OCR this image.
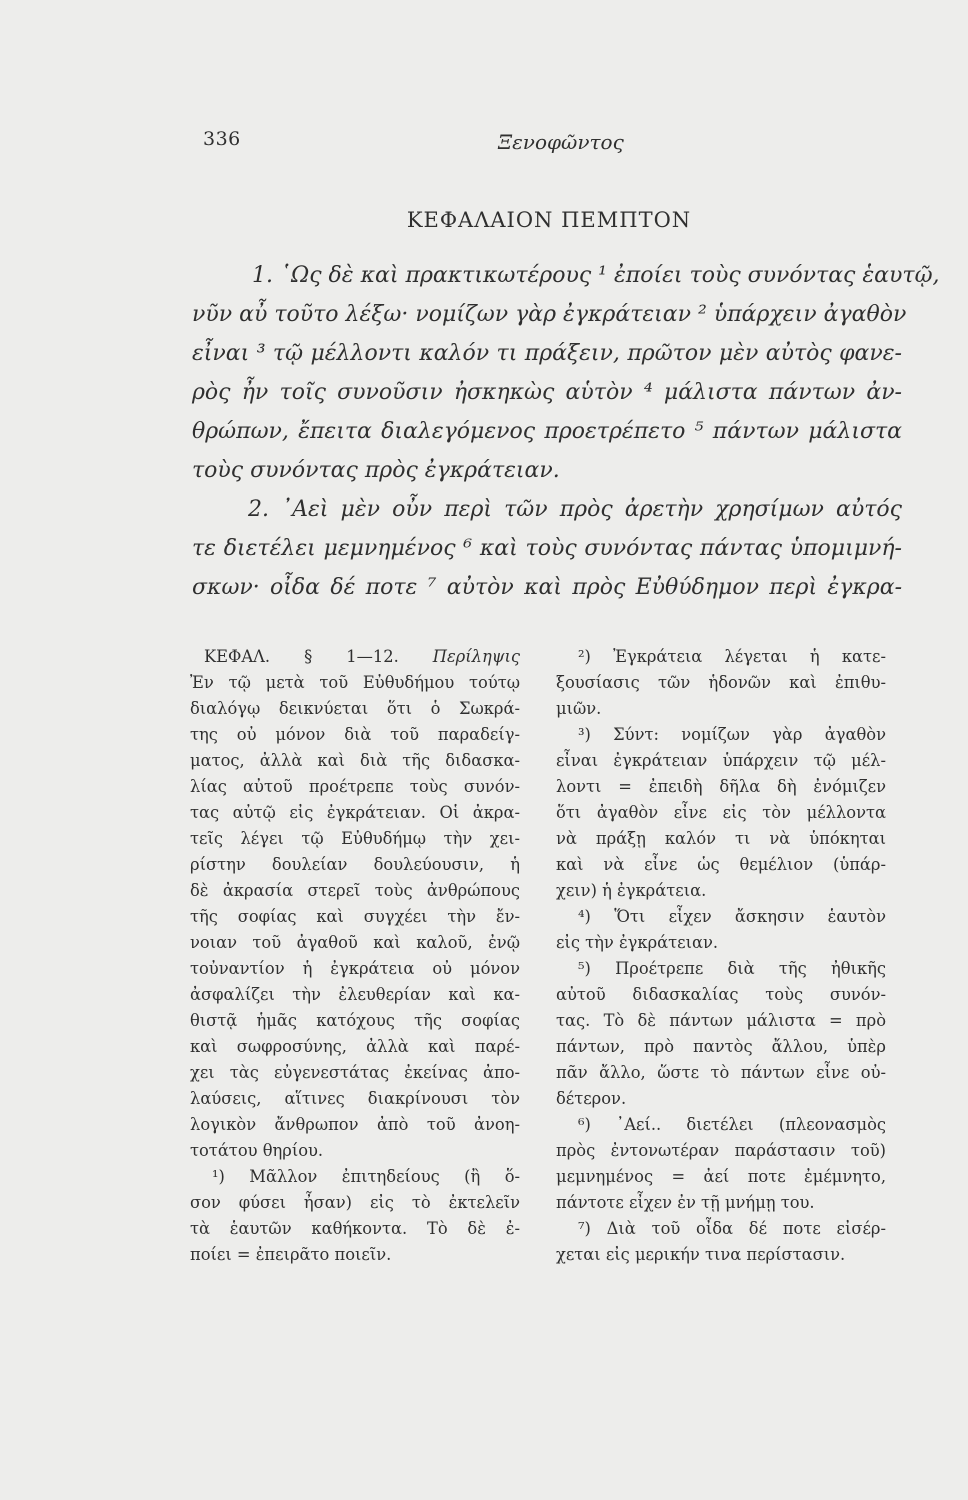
336	Ξενοφῶντος
ΚΕΦΑΛΑΙΟΝ ΠΕΜΠΤΟΝ
1. ῾Ως δὲ καὶ πρακτικωτέρους ¹ ἐποίει τοὺς συνόντας ἑαυτῷ,
νῦν αὖ τοῦτο λέξω· νομίζων γὰρ ἐγκράτειαν ² ὑπάρχειν ἀγαθὸν
εἶναι ³ τῷ μέλλοντι καλόν τι πράξειν, πρῶτον μὲν αὐτὸς φανε-
ρὸς ἦν τοῖς συνοῦσιν ἠσκηκὼς αὑτὸν ⁴ μάλιστα πάντων ἀν-
θρώπων, ἔπειτα διαλεγόμενος προετρέπετο ⁵ πάντων μάλιστα
τοὺς συνόντας πρὸς ἐγκράτειαν.
2. ᾿Αεὶ μὲν οὖν περὶ τῶν πρὸς ἀρετὴν χρησίμων αὐτός
τε διετέλει μεμνημένος ⁶ καὶ τοὺς συνόντας πάντας ὑπομιμνή-
σκων· οἶδα δέ ποτε ⁷ αὐτὸν καὶ πρὸς Εὐθύδημον περὶ ἐγκρα-
ΚΕΦΑΛ. § 1—12. Περίληψις
Ἐν τῷ μετὰ τοῦ Εὐθυδήμου τούτῳ
διαλόγῳ δεικνύεται ὅτι ὁ Σωκρά-
της οὐ μόνον διὰ τοῦ παραδείγ-
ματος, ἀλλὰ καὶ διὰ τῆς διδασκα-
λίας αὐτοῦ προέτρεπε τοὺς συνόν-
τας αὐτῷ εἰς ἐγκράτειαν. Οἱ ἀκρα-
τεῖς λέγει τῷ Εὐθυδήμῳ τὴν χει-
ρίστην δουλείαν δουλεύουσιν, ἡ
δὲ ἀκρασία στερεῖ τοὺς ἀνθρώπους
τῆς σοφίας καὶ συγχέει τὴν ἔν-
νοιαν τοῦ ἀγαθοῦ καὶ καλοῦ, ἐνῷ
τοὐναντίον ἡ ἐγκράτεια οὐ μόνον
ἀσφαλίζει τὴν ἐλευθερίαν καὶ κα-
θιστᾷ ἡμᾶς κατόχους τῆς σοφίας
καὶ σωφροσύνης, ἀλλὰ καὶ παρέ-
χει τὰς εὐγενεστάτας ἐκείνας ἀπο-
λαύσεις, αἵτινες διακρίνουσι τὸν
λογικὸν ἄνθρωπον ἀπὸ τοῦ ἀνοη-
τοτάτου θηρίου.
¹) Μᾶλλον ἐπιτηδείους (ἢ ὅ-
σον φύσει ἦσαν) εἰς τὸ ἐκτελεῖν
τὰ ἑαυτῶν καθήκοντα. Τὸ δὲ ἐ-
ποίει = ἐπειρᾶτο ποιεῖν.
²) Ἐγκράτεια λέγεται ἡ κατε-
ξουσίασις τῶν ἡδονῶν καὶ ἐπιθυ-
μιῶν.
³) Σύντ: νομίζων γὰρ ἀγαθὸν
εἶναι ἐγκράτειαν ὑπάρχειν τῷ μέλ-
λοντι = ἐπειδὴ δῆλα δὴ ἐνόμιζεν
ὅτι ἀγαθὸν εἶνε εἰς τὸν μέλλοντα
νὰ πράξῃ καλόν τι νὰ ὑπόκηται
καὶ νὰ εἶνε ὡς θεμέλιον (ὑπάρ-
χειν) ἡ ἐγκράτεια.
⁴) Ὅτι εἶχεν ἄσκησιν ἑαυτὸν
εἰς τὴν ἐγκράτειαν.
⁵) Προέτρεπε διὰ τῆς ἠθικῆς
αὐτοῦ διδασκαλίας τοὺς συνόν-
τας. Τὸ δὲ πάντων μάλιστα = πρὸ
πάντων, πρὸ παντὸς ἄλλου, ὑπὲρ
πᾶν ἄλλο, ὥστε τὸ πάντων εἶνε οὐ-
δέτερον.
⁶) ᾿Αεί.. διετέλει (πλεονασμὸς
πρὸς ἐντονωτέραν παράστασιν τοῦ)
μεμνημένος = ἀεί ποτε ἐμέμνητο,
πάντοτε εἶχεν ἐν τῇ μνήμῃ του.
⁷) Διὰ τοῦ οἶδα δέ ποτε εἰσέρ-
χεται εἰς μερικήν τινα περίστασιν.
